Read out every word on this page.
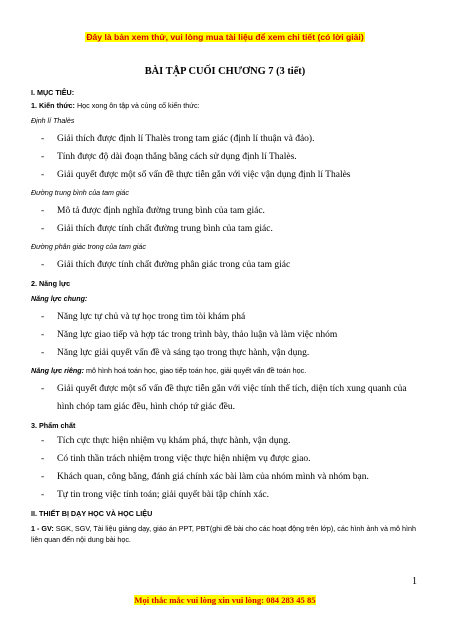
Đây là bản xem thử, vui lòng mua tài liệu để xem chi tiết (có lời giải)
BÀI TẬP CUỐI CHƯƠNG 7 (3 tiết)
I. MỤC TIÊU:
1. Kiến thức: Học xong ôn tập và củng cố kiến thức:
Định lí Thalès
- Giải thích được định lí Thalès trong tam giác (định lí thuận và đảo).
- Tính được độ dài đoạn thẳng bằng cách sử dụng định lí Thalès.
- Giải quyết được một số vấn đề thực tiễn gắn với việc vận dụng định lí Thalès
Đường trung bình của tam giác
- Mô tả được định nghĩa đường trung bình của tam giác.
- Giải thích được tính chất đường trung bình của tam giác.
Đường phân giác trong của tam giác
- Giải thích được tính chất đường phân giác trong của tam giác
2. Năng lực
Năng lực chung:
- Năng lực tự chủ và tự học trong tìm tòi khám phá
- Năng lực giao tiếp và hợp tác trong trình bày, thảo luận và làm việc nhóm
- Năng lực giải quyết vấn đề và sáng tạo trong thực hành, vận dụng.
Năng lực riêng: mô hình hoá toán học, giao tiếp toán học, giải quyết vấn đề toán học.
- Giải quyết được một số vấn đề thực tiễn gắn với việc tính thể tích, diện tích xung quanh của hình chóp tam giác đều, hình chóp tứ giác đều.
3. Phẩm chất
- Tích cực thực hiện nhiệm vụ khám phá, thực hành, vận dụng.
- Có tinh thần trách nhiệm trong việc thực hiện nhiệm vụ được giao.
- Khách quan, công bằng, đánh giá chính xác bài làm của nhóm mình và nhóm bạn.
- Tự tin trong việc tính toán; giải quyết bài tập chính xác.
II. THIẾT BỊ DẠY HỌC VÀ HỌC LIỆU
1 - GV: SGK, SGV, Tài liệu giảng dạy, giáo án PPT, PBT(ghi đề bài cho các hoạt động trên lớp), các hình ảnh và mô hình liên quan đến nội dung bài học.
1
Mọi thắc mắc vui lòng xin vui lòng: 084 283 45 85
